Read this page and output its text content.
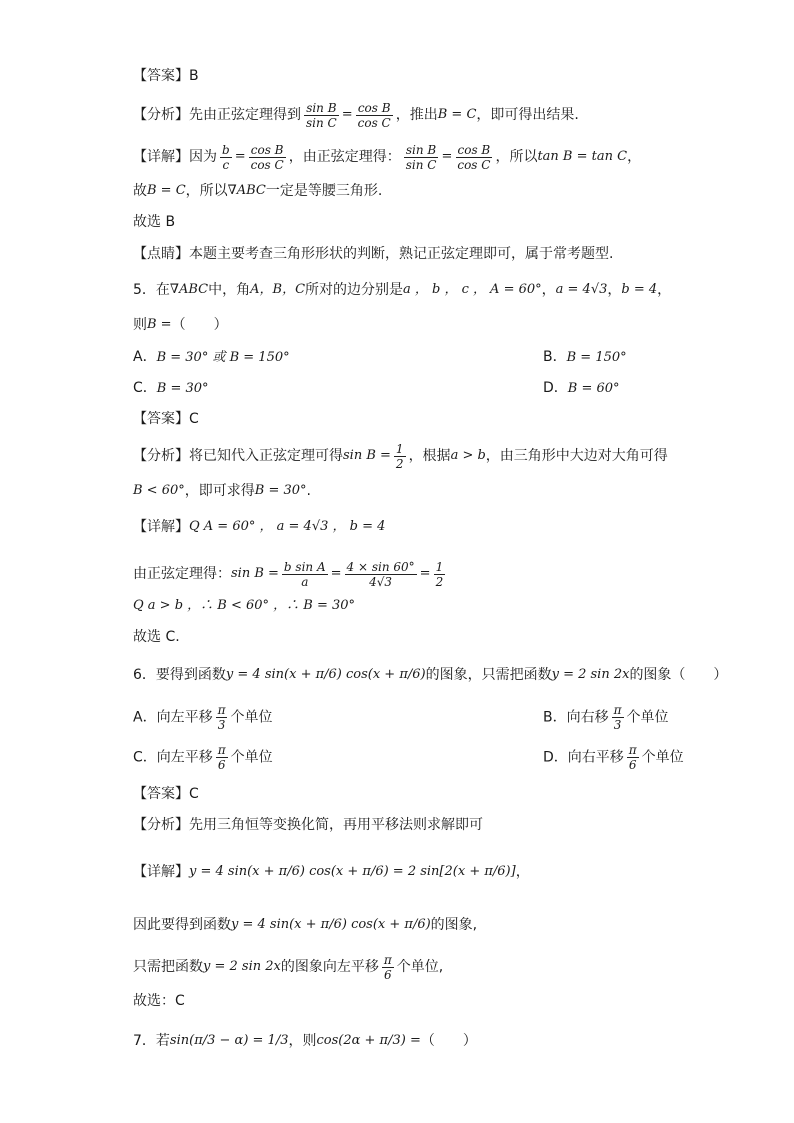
【答案】 B
【分析】 先由正弦定理得到 $\frac{\text{sin B}}{\text{sin C}} = \frac{\text{cos B}}{\text{cos C}}$ ，推出 B = C ，即可得出结果.
【详解】 因为 $\frac{b}{c} = \frac{\text{cos B}}{\text{cos C}}$ ，由正弦定理得： $\frac{\text{sin B}}{\text{sin C}} = \frac{\text{cos B}}{\text{cos C}}$ ，所以 tan B = tan C ，
故 B = C ，所以 ∇ABC 一定是等腰三角形.
故选 B
【点睛】 本题主要考查三角形形状的判断，熟记正弦定理即可，属于常考题型.
5．在 ∇ABC 中，角 A，B，C 所对的边分别是 a ， b ， c ， A = 60° ， a = 4√3 ， b = 4 ，
则 B = （　　）
A．B = 30° 或 B = 150°	B．B = 150°
C．B = 30°	D．B = 60°
【答案】 C
【分析】 将已知代入正弦定理可得 $\sin B = \frac{1}{2}$ ，根据 a > b ，由三角形中大边对大角可得
B < 60° ，即可求得 B = 30° .
【详解】 Q A = 60° ， a = 4√3 ， b = 4
由正弦定理得： $\sin B = \frac{\text{b sin A}}{a} = \frac{4 \times \sin 60^\circ}{4√3} = \frac{1}{2}$
Q a > b ，∴ B < 60° ，∴ B = 30°
故选 C.
6．要得到函数 y = 4 sin(x + π/6) cos(x + π/6) 的图象，只需把函数 y = 2 sin 2x 的图象（　　）
A．向左平移 $\frac{\pi}{3}$ 个单位	B．向右移 $\frac{\pi}{3}$ 个单位
C．向左平移 $\frac{\pi}{6}$ 个单位	D．向右平移 $\frac{\pi}{6}$ 个单位
【答案】 C
【分析】 先用三角恒等变换化简，再用平移法则求解即可
【详解】 y = 4 sin(x + π/6) cos(x + π/6) = 2 sin[2(x + π/6)] ，
因此要得到函数 y = 4 sin(x + π/6) cos(x + π/6) 的图象,
只需把函数 y = 2 sin 2x 的图象向左平移 $\frac{\pi}{6}$ 个单位,
故选：C
7．若 sin(π/3 − α) = 1/3 ，则 cos(2α + π/3) = （　　）
